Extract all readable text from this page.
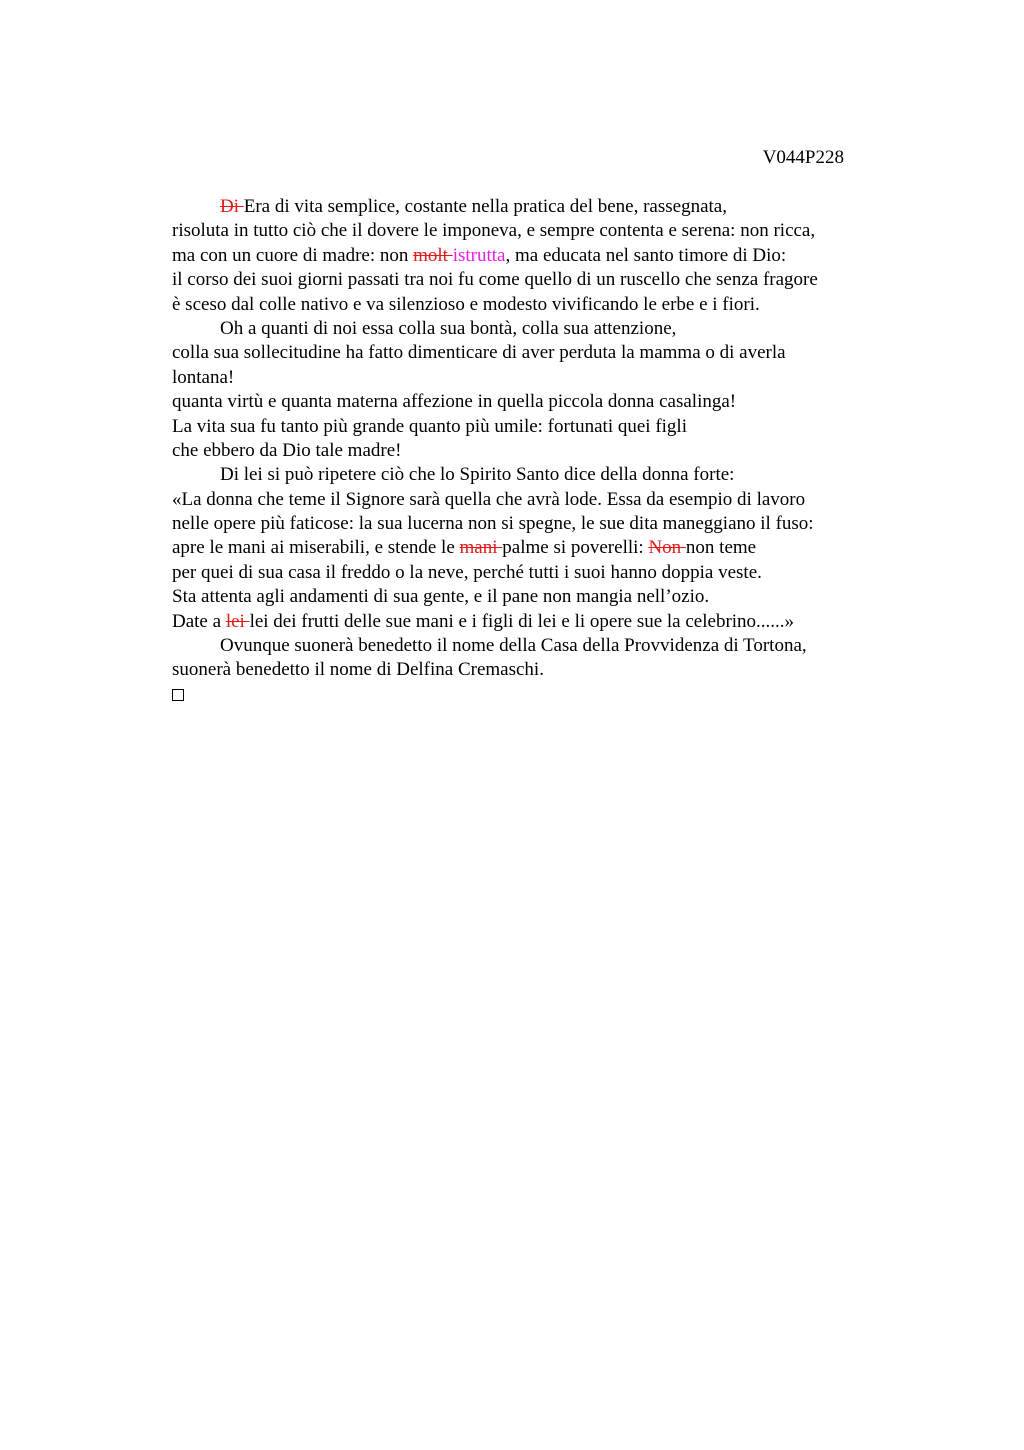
V044P228
Di Era di vita semplice, costante nella pratica del bene, rassegnata,
risoluta in tutto ciò che il dovere le imponeva, e sempre contenta e serena: non ricca,
ma con un cuore di madre: non molt istrutta, ma educata nel santo timore di Dio:
il corso dei suoi giorni passati tra noi fu come quello di un ruscello che senza fragore
è sceso dal colle nativo e va silenzioso e modesto vivificando le erbe e i fiori.
Oh a quanti di noi essa colla sua bontà, colla sua attenzione,
colla sua sollecitudine ha fatto dimenticare di aver perduta la mamma o di averla
lontana!
quanta virtù e quanta materna affezione in quella piccola donna casalinga!
La vita sua fu tanto più grande quanto più umile: fortunati quei figli
che ebbero da Dio tale madre!
Di lei si può ripetere ciò che lo Spirito Santo dice della donna forte:
«La donna che teme il Signore sarà quella che avrà lode. Essa da esempio di lavoro
nelle opere più faticose: la sua lucerna non si spegne, le sue dita maneggiano il fuso:
apre le mani ai miserabili, e stende le mani palme si poverelli: Non non teme
per quei di sua casa il freddo o la neve, perché tutti i suoi hanno doppia veste.
Sta attenta agli andamenti di sua gente, e il pane non mangia nell’ozio.
Date a lei lei dei frutti delle sue mani e i figli di lei e li opere sue la celebrino......»
Ovunque suonerà benedetto il nome della Casa della Provvidenza di Tortona,
suonerà benedetto il nome di Delfina Cremaschi.
